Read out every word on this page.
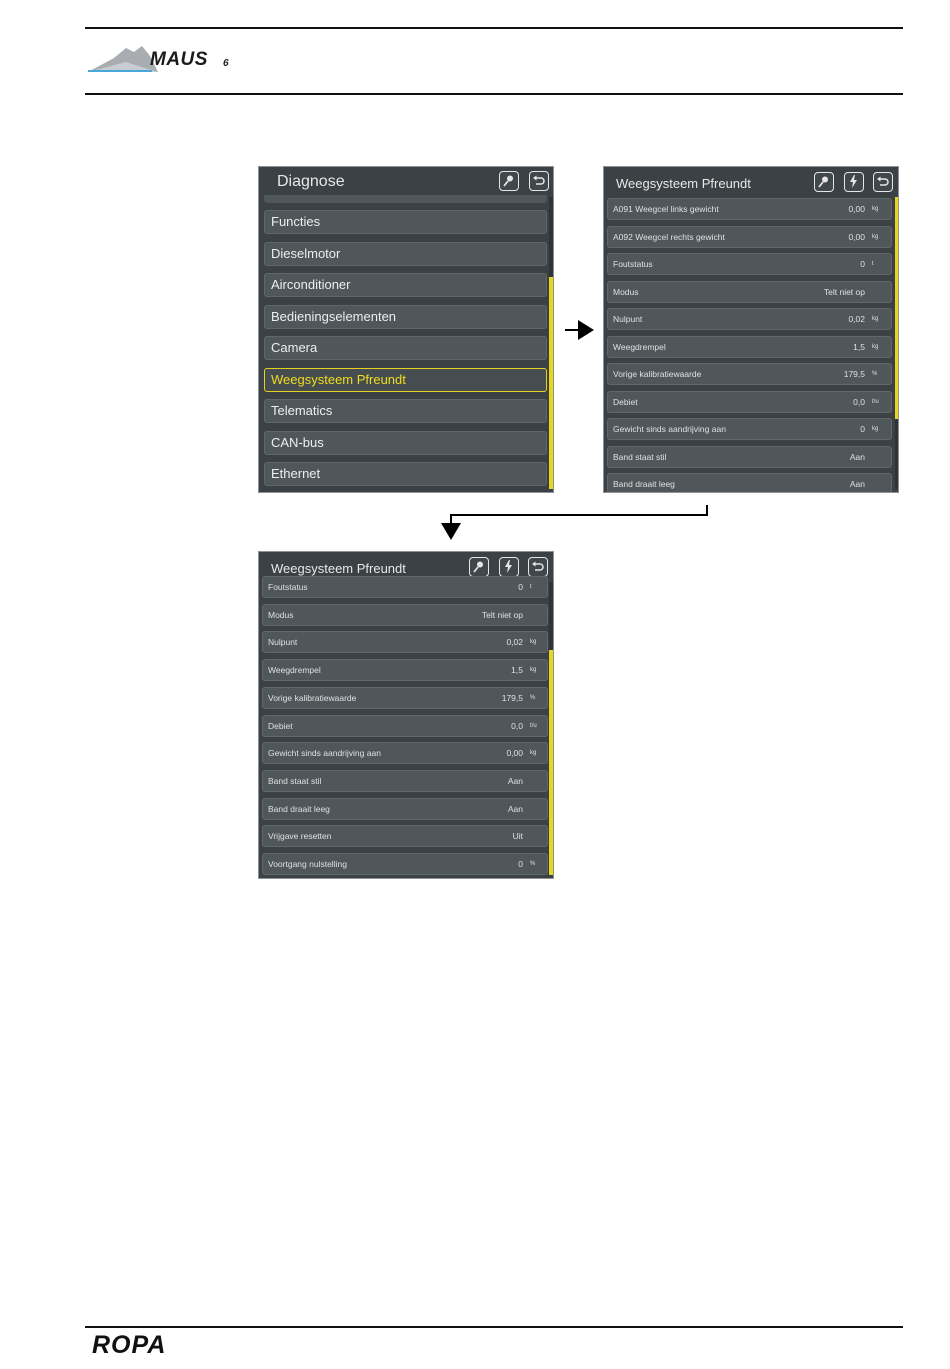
MAUS 6
Diagnose
Functies
Dieselmotor
Airconditioner
Bedieningselementen
Camera
Weegsysteem Pfreundt
Telematics
CAN-bus
Ethernet
Weegsysteem Pfreundt
A091 Weegcel links gewicht	0,00 kg
A092 Weegcel rechts gewicht	0,00 kg
Foutstatus	0 t
Modus	Telt niet op
Nulpunt	0,02 kg
Weegdrempel	1,5 kg
Vorige kalibratiewaarde	179,5 %
Debiet	0,0 t/u
Gewicht sinds aandrijving aan	0 kg
Band staat stil	Aan
Band draait leeg	Aan
Weegsysteem Pfreundt
Foutstatus	0 t
Modus	Telt niet op
Nulpunt	0,02 kg
Weegdrempel	1,5 kg
Vorige kalibratiewaarde	179,5 %
Debiet	0,0 t/u
Gewicht sinds aandrijving aan	0,00 kg
Band staat stil	Aan
Band draait leeg	Aan
Vrijgave resetten	Uit
Voortgang nulstelling	0 %
ROPA
